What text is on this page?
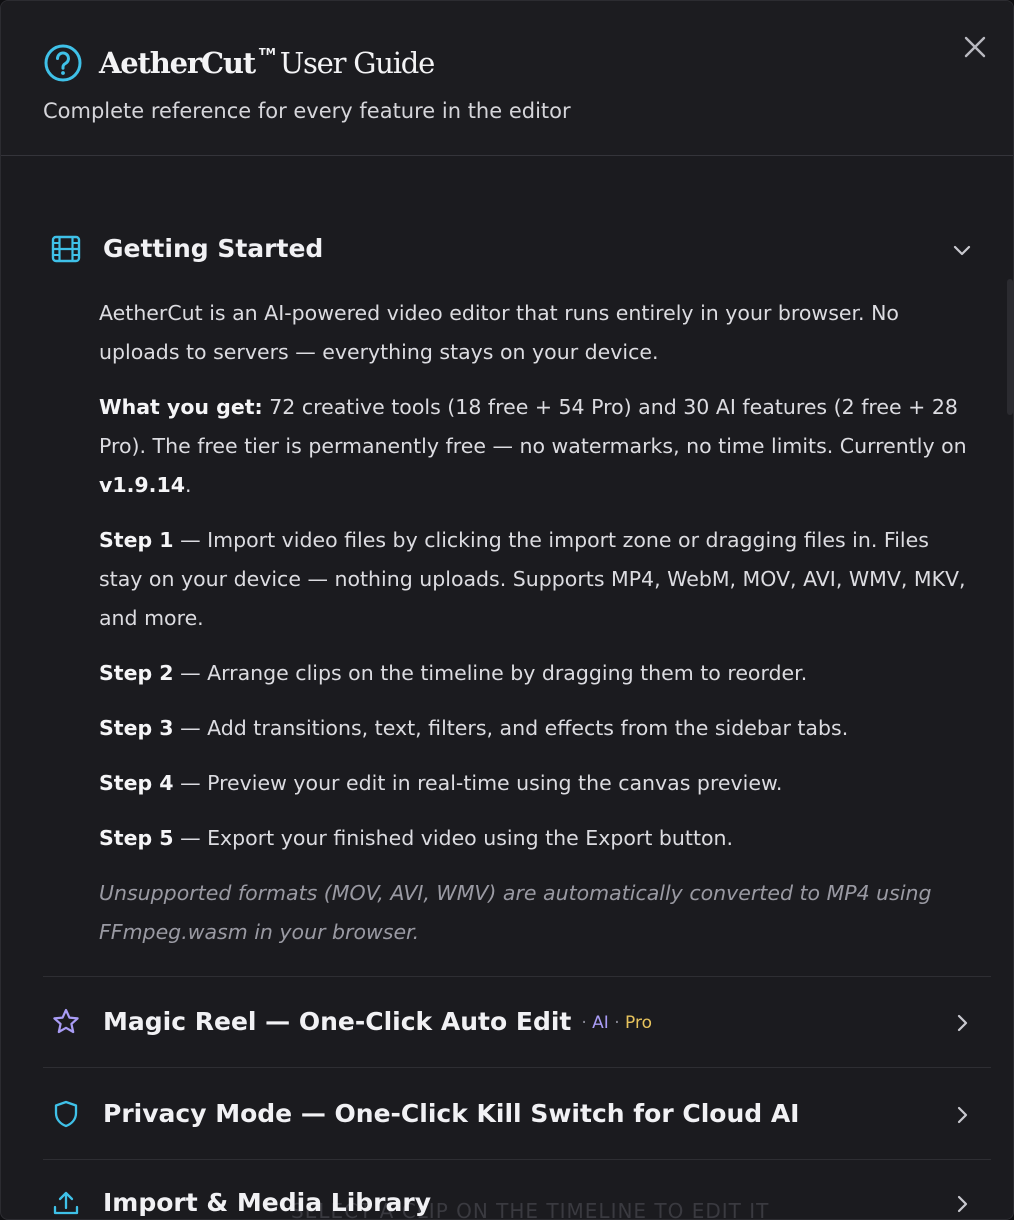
SELECT A CLIP ON THE TIMELINE TO EDIT IT
AetherCut ™ User Guide
Complete reference for every feature in the editor
Getting Started

AetherCut is an AI-powered video editor that runs entirely in your browser. No uploads to servers — everything stays on your device.

What you get: 72 creative tools (18 free + 54 Pro) and 30 AI features (2 free + 28 Pro). The free tier is permanently free — no watermarks, no time limits. Currently on v1.9.14.

Step 1 — Import video files by clicking the import zone or dragging files in. Files stay on your device — nothing uploads. Supports MP4, WebM, MOV, AVI, WMV, MKV, and more.

Step 2 — Arrange clips on the timeline by dragging them to reorder.

Step 3 — Add transitions, text, filters, and effects from the sidebar tabs.

Step 4 — Preview your edit in real-time using the canvas preview.

Step 5 — Export your finished video using the Export button.

Unsupported formats (MOV, AVI, WMV) are automatically converted to MP4 using FFmpeg.wasm in your browser.

Magic Reel — One-Click Auto Edit · AI · Pro
Privacy Mode — One-Click Kill Switch for Cloud AI
Import & Media Library
